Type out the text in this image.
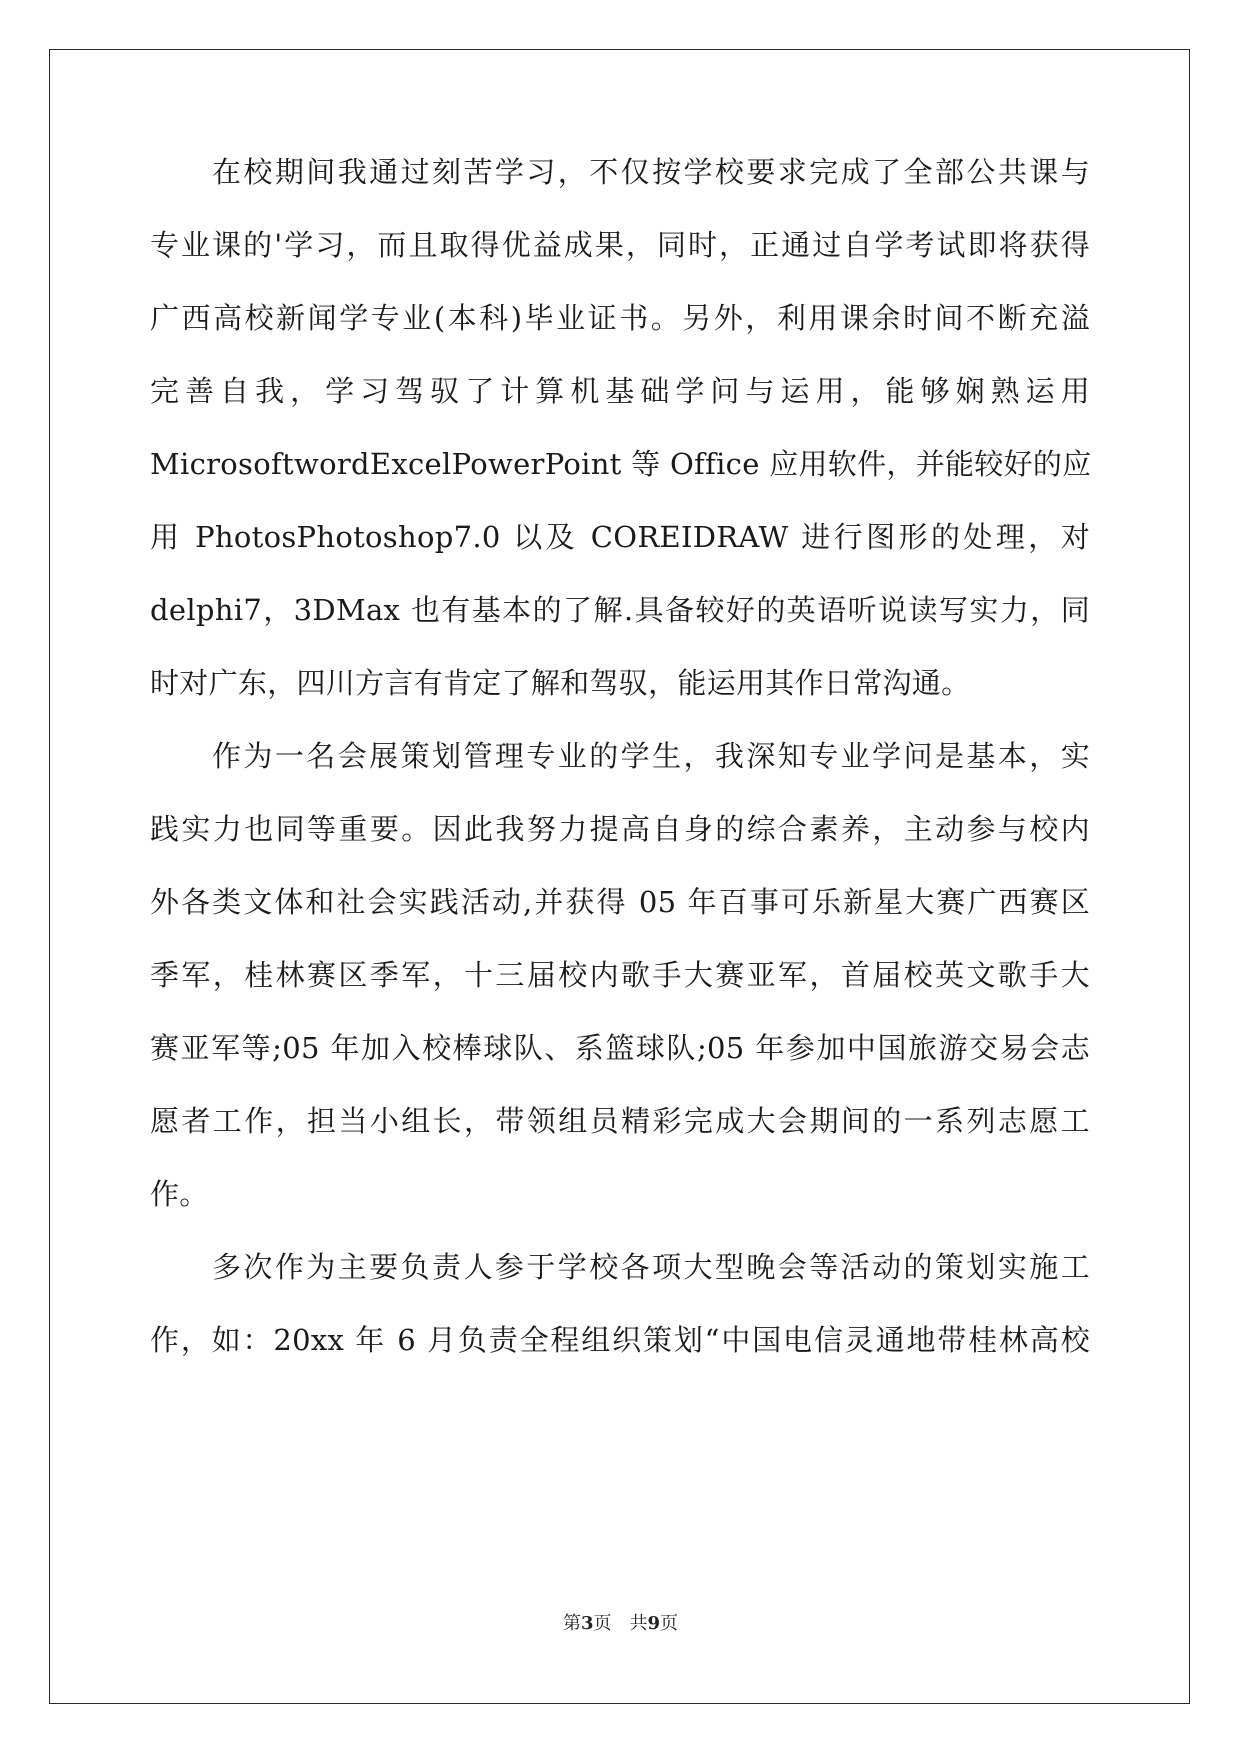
在校期间我通过刻苦学习，不仅按学校要求完成了全部公共课与
专业课的'学习，而且取得优益成果，同时，正通过自学考试即将获得
广西高校新闻学专业(本科)毕业证书。另外，利用课余时间不断充溢
完善自我，学习驾驭了计算机基础学问与运用，能够娴熟运用
MicrosoftwordExcelPowerPoint 等 Office 应用软件，并能较好的应
用 PhotosPhotoshop7.0 以及 COREIDRAW 进行图形的处理，对
delphi7，3DMax 也有基本的了解.具备较好的英语听说读写实力，同
时对广东，四川方言有肯定了解和驾驭，能运用其作日常沟通。
作为一名会展策划管理专业的学生，我深知专业学问是基本，实
践实力也同等重要。因此我努力提高自身的综合素养，主动参与校内
外各类文体和社会实践活动,并获得 05 年百事可乐新星大赛广西赛区
季军，桂林赛区季军，十三届校内歌手大赛亚军，首届校英文歌手大
赛亚军等;05 年加入校棒球队、系篮球队;05 年参加中国旅游交易会志
愿者工作，担当小组长，带领组员精彩完成大会期间的一系列志愿工
作。
多次作为主要负责人参于学校各项大型晚会等活动的策划实施工
作，如：20xx 年 6 月负责全程组织策划“中国电信灵通地带桂林高校
第3页　共9页
